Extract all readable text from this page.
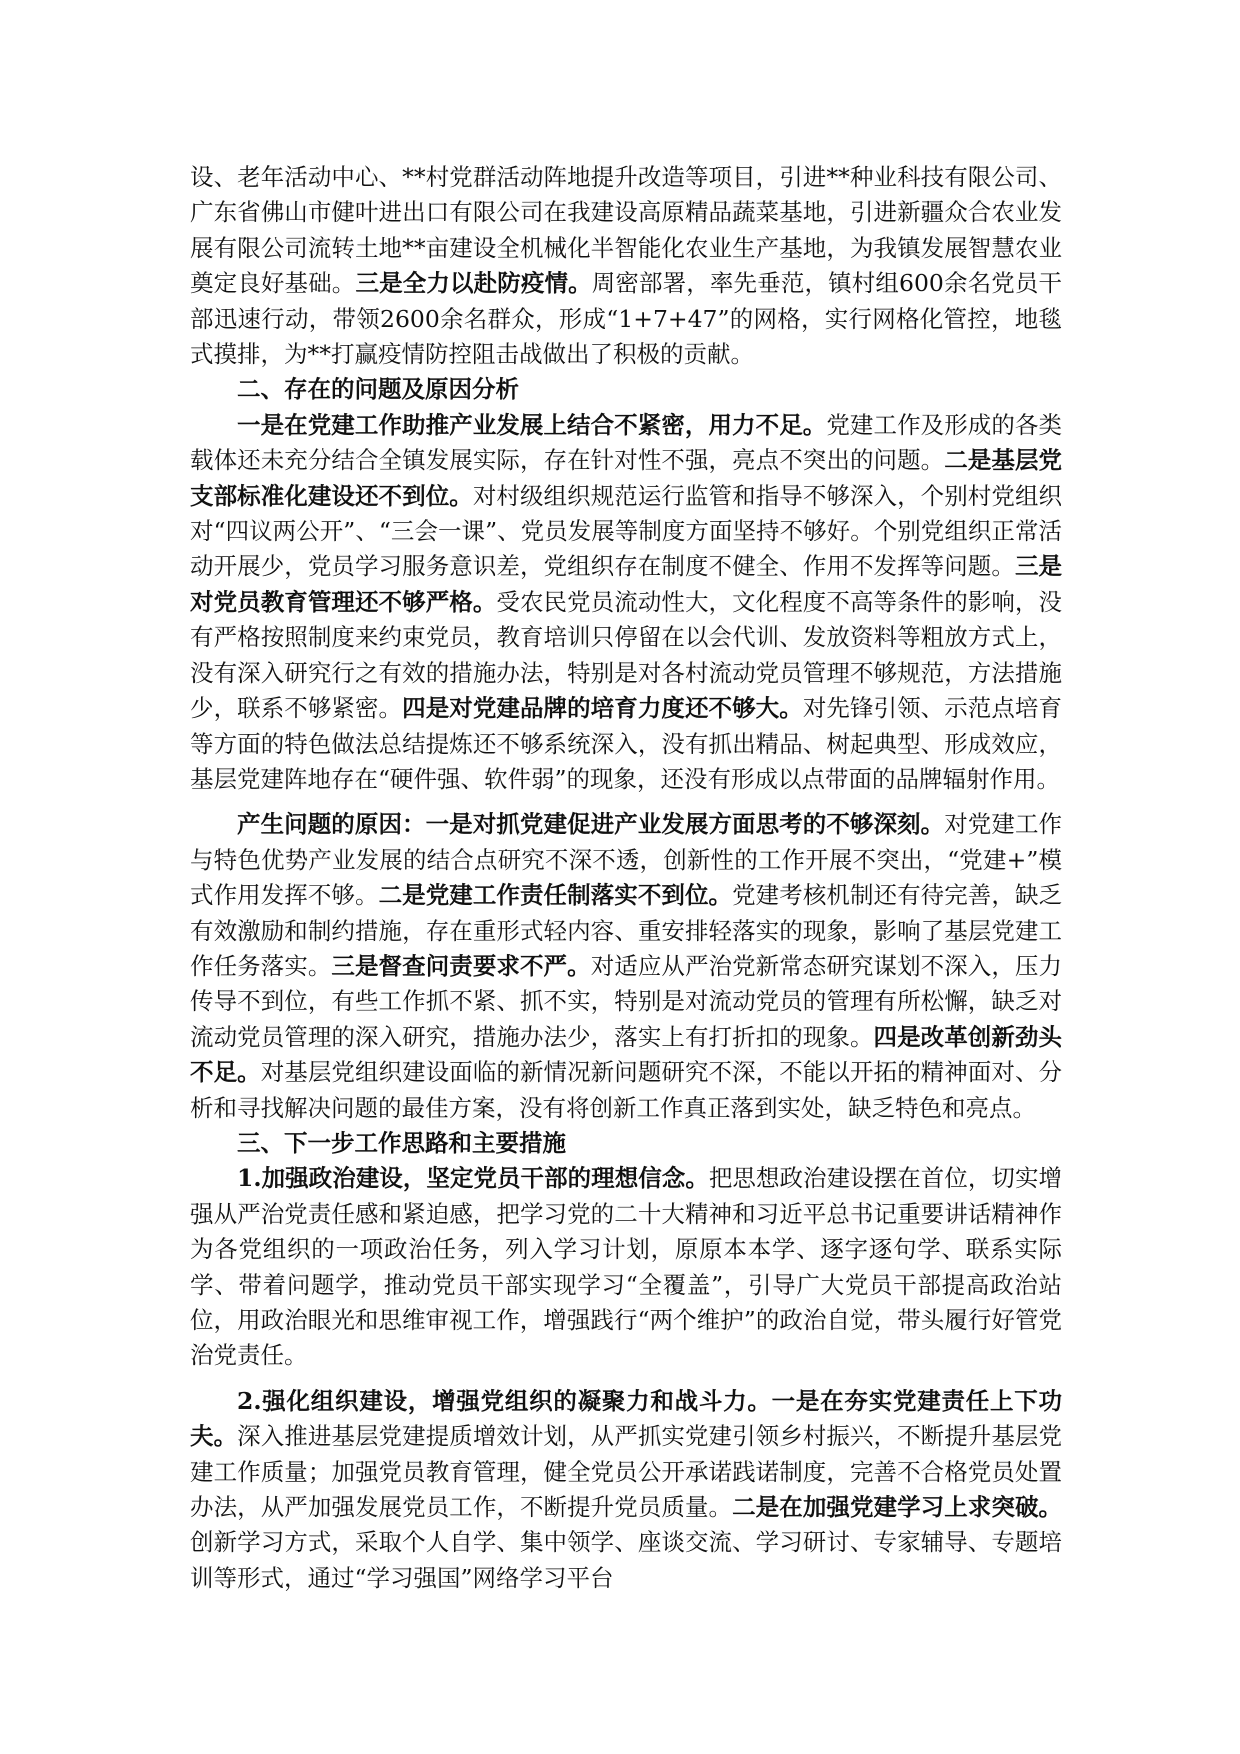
设、老年活动中心、**村党群活动阵地提升改造等项目，引进**种业科技有限公司、广东省佛山市健叶进出口有限公司在我建设高原精品蔬菜基地，引进新疆众合农业发展有限公司流转土地**亩建设全机械化半智能化农业生产基地，为我镇发展智慧农业奠定良好基础。三是全力以赴防疫情。周密部署，率先垂范，镇村组600余名党员干部迅速行动，带领2600余名群众，形成“1+7+47”的网格，实行网格化管控，地毯式摸排，为**打赢疫情防控阻击战做出了积极的贡献。

二、存在的问题及原因分析

一是在党建工作助推产业发展上结合不紧密，用力不足。党建工作及形成的各类载体还未充分结合全镇发展实际，存在针对性不强，亮点不突出的问题。二是基层党支部标准化建设还不到位。对村级组织规范运行监管和指导不够深入，个别村党组织对“四议两公开”、“三会一课”、党员发展等制度方面坚持不够好。个别党组织正常活动开展少，党员学习服务意识差，党组织存在制度不健全、作用不发挥等问题。三是对党员教育管理还不够严格。受农民党员流动性大，文化程度不高等条件的影响，没有严格按照制度来约束党员，教育培训只停留在以会代训、发放资料等粗放方式上，没有深入研究行之有效的措施办法，特别是对各村流动党员管理不够规范，方法措施少，联系不够紧密。四是对党建品牌的培育力度还不够大。对先锋引领、示范点培育等方面的特色做法总结提炼还不够系统深入，没有抓出精品、树起典型、形成效应，基层党建阵地存在“硬件强、软件弱”的现象，还没有形成以点带面的品牌辐射作用。

产生问题的原因：一是对抓党建促进产业发展方面思考的不够深刻。对党建工作与特色优势产业发展的结合点研究不深不透，创新性的工作开展不突出，“党建+”模式作用发挥不够。二是党建工作责任制落实不到位。党建考核机制还有待完善，缺乏有效激励和制约措施，存在重形式轻内容、重安排轻落实的现象，影响了基层党建工作任务落实。三是督查问责要求不严。对适应从严治党新常态研究谋划不深入，压力传导不到位，有些工作抓不紧、抓不实，特别是对流动党员的管理有所松懈，缺乏对流动党员管理的深入研究，措施办法少，落实上有打折扣的现象。四是改革创新劲头不足。对基层党组织建设面临的新情况新问题研究不深，不能以开拓的精神面对、分析和寻找解决问题的最佳方案，没有将创新工作真正落到实处，缺乏特色和亮点。

三、下一步工作思路和主要措施

1.加强政治建设，坚定党员干部的理想信念。把思想政治建设摆在首位，切实增强从严治党责任感和紧迫感，把学习党的二十大精神和习近平总书记重要讲话精神作为各党组织的一项政治任务，列入学习计划，原原本本学、逐字逐句学、联系实际学、带着问题学，推动党员干部实现学习“全覆盖”，引导广大党员干部提高政治站位，用政治眼光和思维审视工作，增强践行“两个维护”的政治自觉，带头履行好管党治党责任。

2.强化组织建设，增强党组织的凝聚力和战斗力。一是在夯实党建责任上下功夫。深入推进基层党建提质增效计划，从严抓实党建引领乡村振兴，不断提升基层党建工作质量；加强党员教育管理，健全党员公开承诺践诺制度，完善不合格党员处置办法，从严加强发展党员工作，不断提升党员质量。二是在加强党建学习上求突破。创新学习方式，采取个人自学、集中领学、座谈交流、学习研讨、专家辅导、专题培训等形式，通过“学习强国”网络学习平台
